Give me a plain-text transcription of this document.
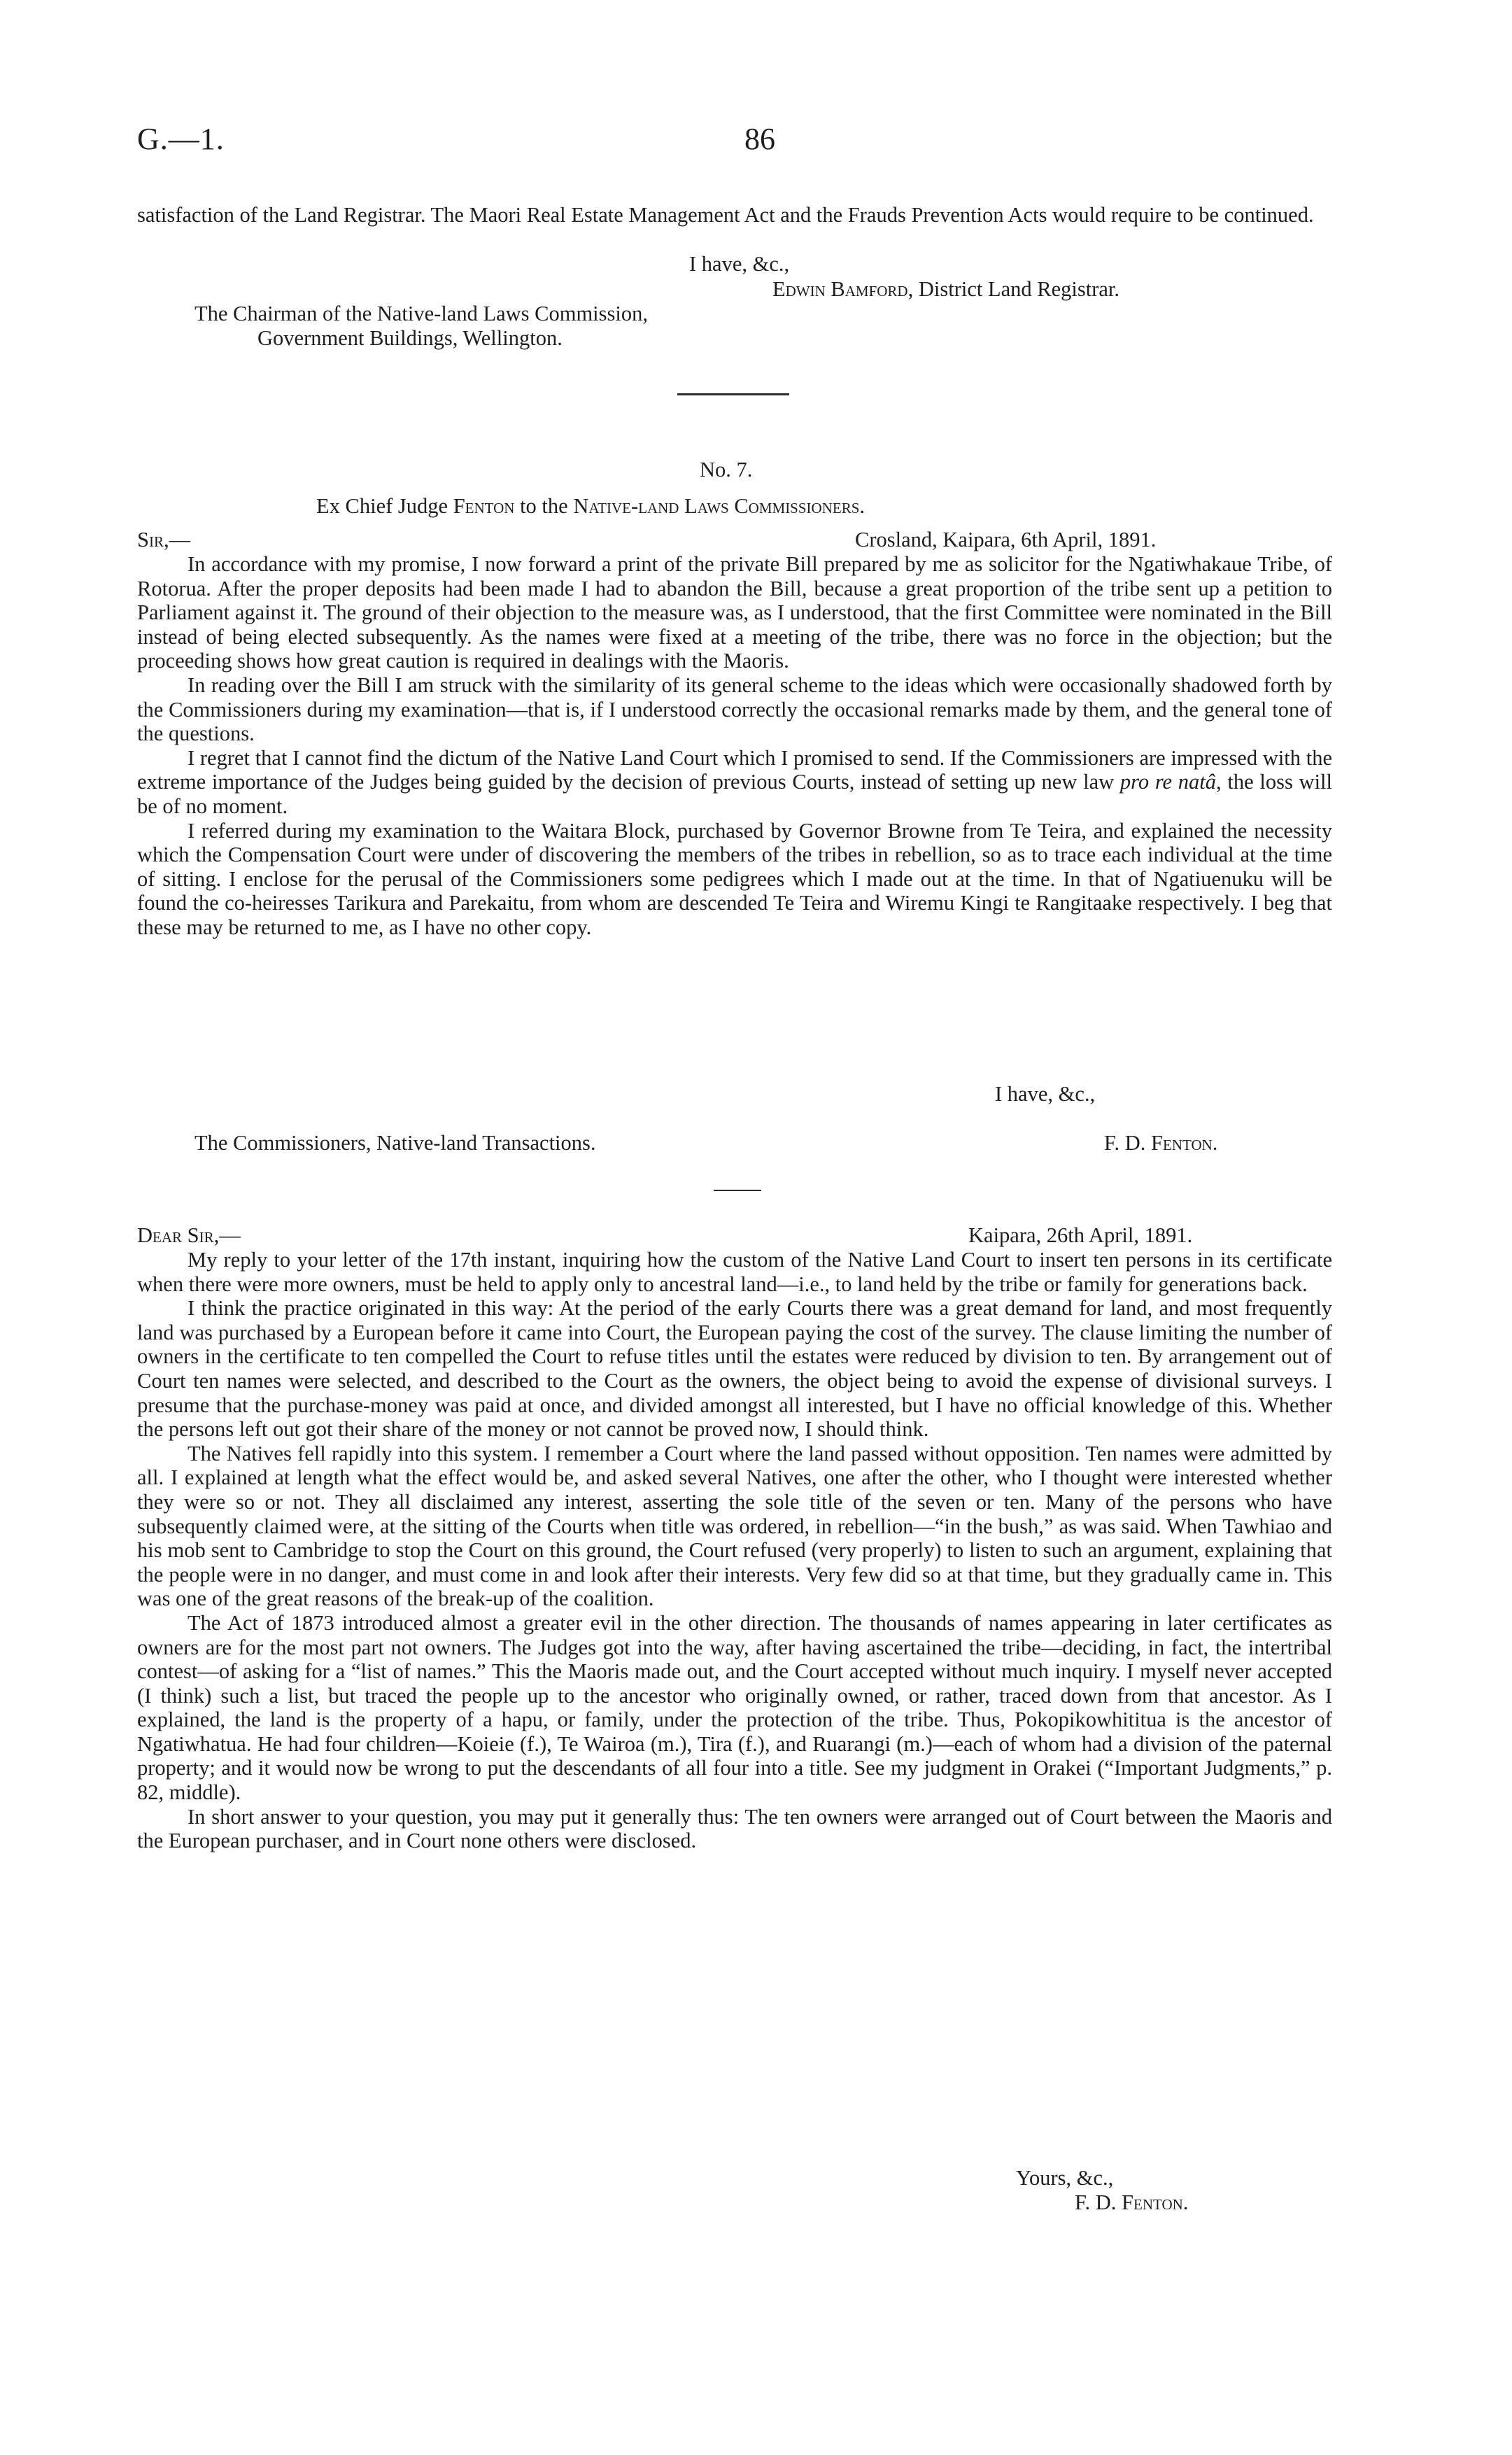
G.—1.	86
satisfaction of the Land Registrar. The Maori Real Estate Management Act and the Frauds Prevention Acts would require to be continued.
I have, &c.,
Edwin Bamford, District Land Registrar.
The Chairman of the Native-land Laws Commission,
Government Buildings, Wellington.
No. 7.
Ex Chief Judge Fenton to the Native-land Laws Commissioners.
Sir,—	Crosland, Kaipara, 6th April, 1891.
In accordance with my promise, I now forward a print of the private Bill prepared by me as solicitor for the Ngatiwhakaue Tribe, of Rotorua. After the proper deposits had been made I had to abandon the Bill, because a great proportion of the tribe sent up a petition to Parliament against it. The ground of their objection to the measure was, as I understood, that the first Committee were nominated in the Bill instead of being elected subsequently. As the names were fixed at a meeting of the tribe, there was no force in the objection; but the proceeding shows how great caution is required in dealings with the Maoris.
In reading over the Bill I am struck with the similarity of its general scheme to the ideas which were occasionally shadowed forth by the Commissioners during my examination—that is, if I understood correctly the occasional remarks made by them, and the general tone of the questions.
I regret that I cannot find the dictum of the Native Land Court which I promised to send. If the Commissioners are impressed with the extreme importance of the Judges being guided by the decision of previous Courts, instead of setting up new law pro re natâ, the loss will be of no moment.
I referred during my examination to the Waitara Block, purchased by Governor Browne from Te Teira, and explained the necessity which the Compensation Court were under of discovering the members of the tribes in rebellion, so as to trace each individual at the time of sitting. I enclose for the perusal of the Commissioners some pedigrees which I made out at the time. In that of Ngatiuenuku will be found the co-heiresses Tarikura and Parekaitu, from whom are descended Te Teira and Wiremu Kingi te Rangitaake respectively. I beg that these may be returned to me, as I have no other copy.
I have, &c.,
The Commissioners, Native-land Transactions.	F. D. Fenton.
Dear Sir,—	Kaipara, 26th April, 1891.
My reply to your letter of the 17th instant, inquiring how the custom of the Native Land Court to insert ten persons in its certificate when there were more owners, must be held to apply only to ancestral land—i.e., to land held by the tribe or family for generations back.
I think the practice originated in this way: At the period of the early Courts there was a great demand for land, and most frequently land was purchased by a European before it came into Court, the European paying the cost of the survey. The clause limiting the number of owners in the certificate to ten compelled the Court to refuse titles until the estates were reduced by division to ten. By arrangement out of Court ten names were selected, and described to the Court as the owners, the object being to avoid the expense of divisional surveys. I presume that the purchase-money was paid at once, and divided amongst all interested, but I have no official knowledge of this. Whether the persons left out got their share of the money or not cannot be proved now, I should think.
The Natives fell rapidly into this system. I remember a Court where the land passed without opposition. Ten names were admitted by all. I explained at length what the effect would be, and asked several Natives, one after the other, who I thought were interested whether they were so or not. They all disclaimed any interest, asserting the sole title of the seven or ten. Many of the persons who have subsequently claimed were, at the sitting of the Courts when title was ordered, in rebellion—“in the bush,” as was said. When Tawhiao and his mob sent to Cambridge to stop the Court on this ground, the Court refused (very properly) to listen to such an argument, explaining that the people were in no danger, and must come in and look after their interests. Very few did so at that time, but they gradually came in. This was one of the great reasons of the break-up of the coalition.
The Act of 1873 introduced almost a greater evil in the other direction. The thousands of names appearing in later certificates as owners are for the most part not owners. The Judges got into the way, after having ascertained the tribe—deciding, in fact, the intertribal contest—of asking for a “list of names.” This the Maoris made out, and the Court accepted without much inquiry. I myself never accepted (I think) such a list, but traced the people up to the ancestor who originally owned, or rather, traced down from that ancestor. As I explained, the land is the property of a hapu, or family, under the protection of the tribe. Thus, Pokopikowhititua is the ancestor of Ngatiwhatua. He had four children—Koieie (f.), Te Wairoa (m.), Tira (f.), and Ruarangi (m.)—each of whom had a division of the paternal property; and it would now be wrong to put the descendants of all four into a title. See my judgment in Orakei (“Important Judgments,” p. 82, middle).
In short answer to your question, you may put it generally thus: The ten owners were arranged out of Court between the Maoris and the European purchaser, and in Court none others were disclosed.
Yours, &c.,
F. D. Fenton.
